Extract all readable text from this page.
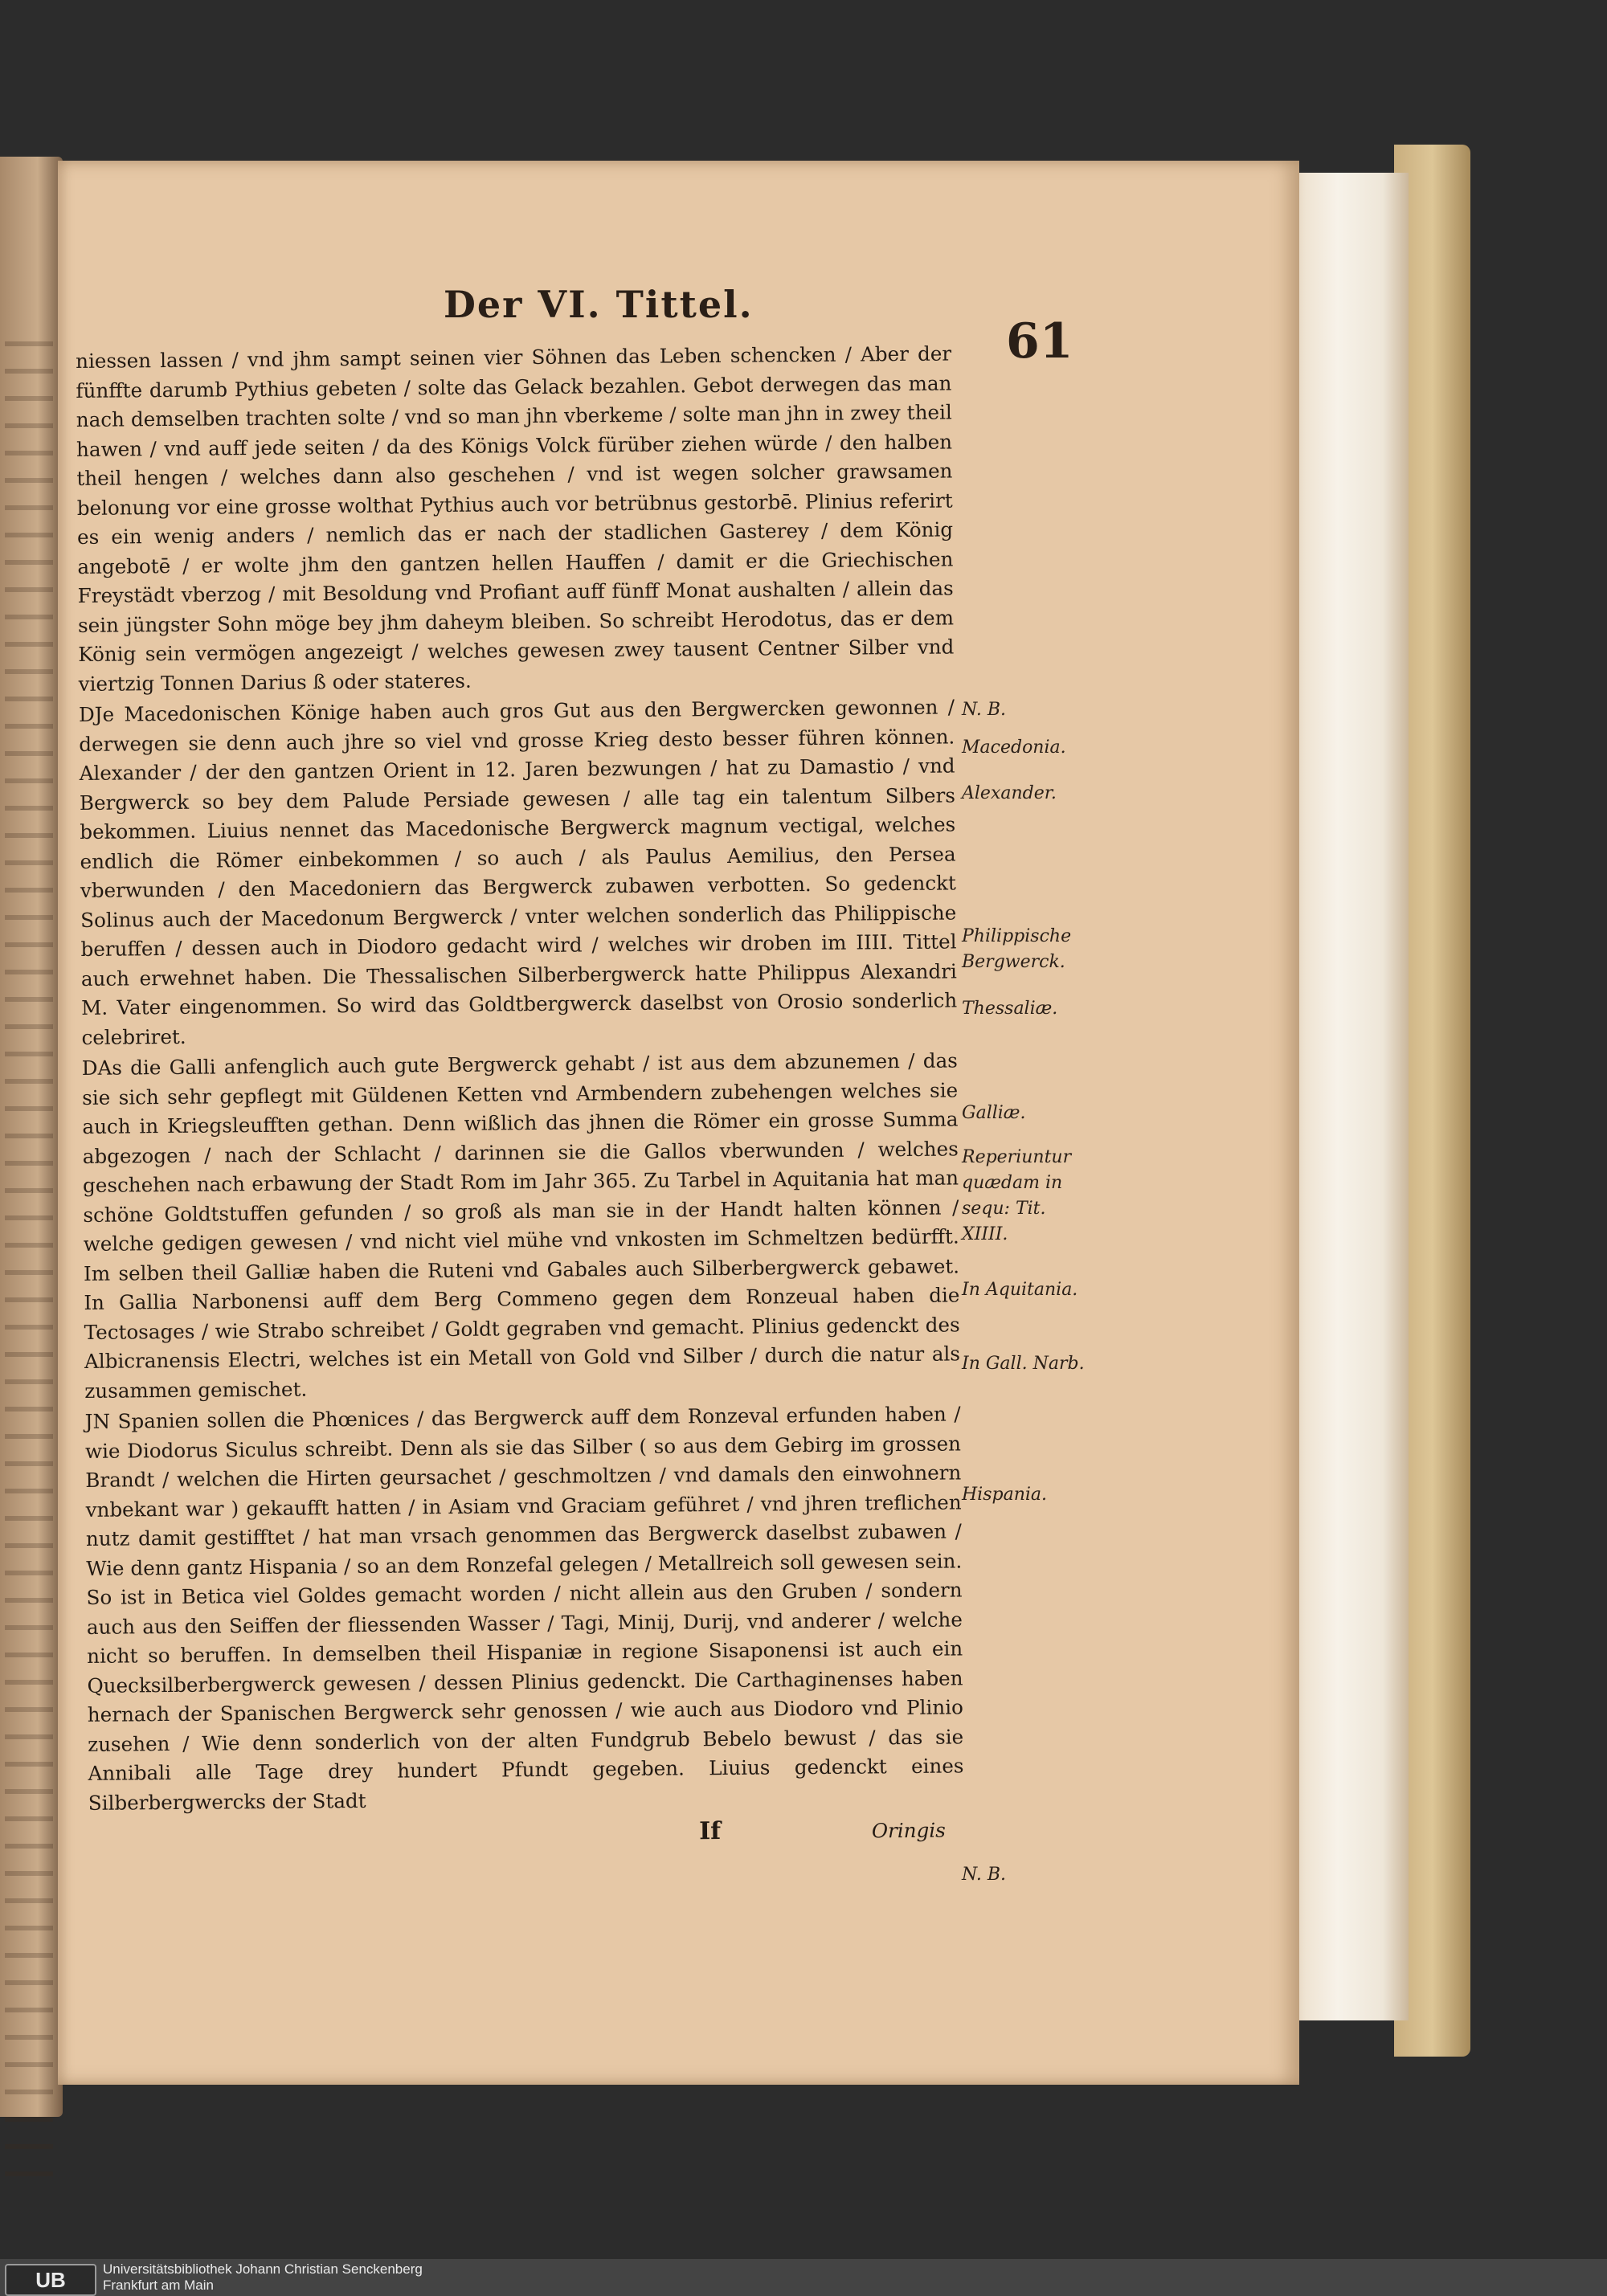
Der VI. Tittel.
61

niessen lassen / vnd jhm sampt seinen vier Söhnen das Leben schencken / Aber der fünffte darumb Pythius gebeten / solte das Gelack bezahlen. Gebot derwegen das man nach demselben trachten solte / vnd so man jhn vberkeme / solte man jhn in zwey theil hawen / vnd auff jede seiten / da des Königs Volck fürüber ziehen würde / den halben theil hengen / welches dann also geschehen / vnd ist wegen solcher grawsamen belonung vor eine grosse wolthat Pythius auch vor betrübnus gestorbē. Plinius referirt es ein wenig anders / nemlich das er nach der stadlichen Gasterey / dem König angebotē / er wolte jhm den gantzen hellen Hauffen / damit er die Griechischen Freystädt vberzog / mit Besoldung vnd Profiant auff fünff Monat aushalten / allein das sein jüngster Sohn möge bey jhm daheym bleiben. So schreibt Herodotus, das er dem König sein vermögen angezeigt / welches gewesen zwey tausent Centner Silber vnd viertzig Tonnen Darius ß oder stateres.

DJe Macedonischen Könige haben auch gros Gut aus den Bergwercken gewonnen / derwegen sie denn auch jhre so viel vnd grosse Krieg desto besser führen können. Alexander / der den gantzen Orient in 12. Jaren bezwungen / hat zu Damastio / vnd Bergwerck so bey dem Palude Persiade gewesen / alle tag ein talentum Silbers bekommen. Liuius nennet das Macedonische Bergwerck magnum vectigal, welches endlich die Römer einbekommen / so auch / als Paulus Aemilius, den Persea vberwunden / den Macedoniern das Bergwerck zubawen verbotten. So gedenckt Solinus auch der Macedonum Bergwerck / vnter welchen sonderlich das Philippische beruffen / dessen auch in Diodoro gedacht wird / welches wir droben im IIII. Tittel auch erwehnet haben. Die Thessalischen Silberbergwerck hatte Philippus Alexandri M. Vater eingenommen. So wird das Goldtbergwerck daselbst von Orosio sonderlich celebriret.

DAs die Galli anfenglich auch gute Bergwerck gehabt / ist aus dem abzunemen / das sie sich sehr gepflegt mit Güldenen Ketten vnd Armbendern zubehengen welches sie auch in Kriegsleufften gethan. Denn wißlich das jhnen die Römer ein grosse Summa abgezogen / nach der Schlacht / darinnen sie die Gallos vberwunden / welches geschehen nach erbawung der Stadt Rom im Jahr 365. Zu Tarbel in Aquitania hat man schöne Goldtstuffen gefunden / so groß als man sie in der Handt halten können / welche gedigen gewesen / vnd nicht viel mühe vnd vnkosten im Schmeltzen bedürfft. Im selben theil Galliæ haben die Ruteni vnd Gabales auch Silberbergwerck gebawet. In Gallia Narbonensi auff dem Berg Commeno gegen dem Ronzeual haben die Tectosages / wie Strabo schreibet / Goldt gegraben vnd gemacht. Plinius gedenckt des Albicranensis Electri, welches ist ein Metall von Gold vnd Silber / durch die natur als zusammen gemischet.

JN Spanien sollen die Phœnices / das Bergwerck auff dem Ronzeval erfunden haben / wie Diodorus Siculus schreibt. Denn als sie das Silber ( so aus dem Gebirg im grossen Brandt / welchen die Hirten geursachet / geschmoltzen / vnd damals den einwohnern vnbekant war ) gekaufft hatten / in Asiam vnd Graciam geführet / vnd jhren treflichen nutz damit gestifftet / hat man vrsach genommen das Bergwerck daselbst zubawen / Wie denn gantz Hispania / so an dem Ronzefal gelegen / Metallreich soll gewesen sein. So ist in Betica viel Goldes gemacht worden / nicht allein aus den Gruben / sondern auch aus den Seiffen der fliessenden Wasser / Tagi, Minij, Durij, vnd anderer / welche nicht so beruffen. In demselben theil Hispaniæ in regione Sisaponensi ist auch ein Quecksilberbergwerck gewesen / dessen Plinius gedenckt. Die Carthaginenses haben hernach der Spanischen Bergwerck sehr genossen / wie auch aus Diodoro vnd Plinio zusehen / Wie denn sonderlich von der alten Fundgrub Bebelo bewust / das sie Annibali alle Tage drey hundert Pfundt gegeben. Liuius gedenckt eines Silberbergwercks der Stadt

If	Oringis

N. B.
Macedonia.
Alexander.
Philippische Bergwerck.
Thessaliæ.
Galliæ.
Reperiuntur quædam in sequ: Tit. XIIII.
In Aquitania.
In Gall. Narb.
Hispania.
N. B.
UB	Universitätsbibliothek Johann Christian Senckenberg
Frankfurt am Main
